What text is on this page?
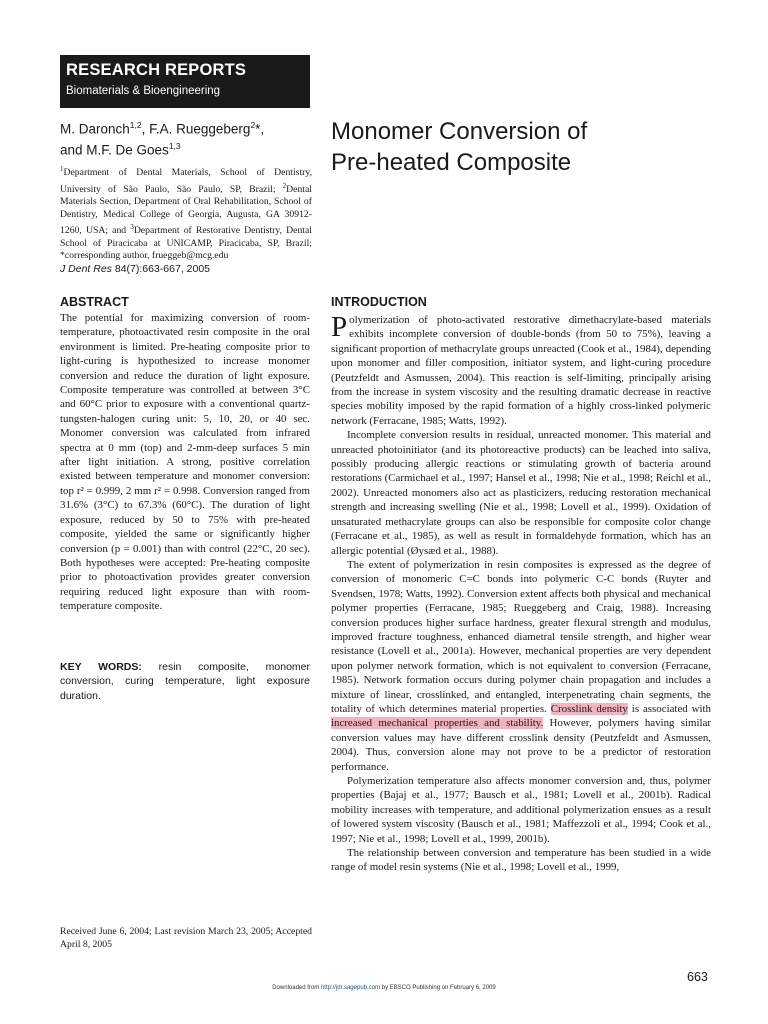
RESEARCH REPORTS
Biomaterials & Bioengineering
M. Daronch$^{1,2}$, F.A. Rueggeberg$^2$*,
and M.F. De Goes$^{1,3}$
$^1$Department of Dental Materials, School of Dentistry, University of São Paulo, São Paulo, SP, Brazil; $^2$Dental Materials Section, Department of Oral Rehabilitation, School of Dentistry, Medical College of Georgia, Augusta, GA 30912-1260, USA; and $^3$Department of Restorative Dentistry, Dental School of Piracicaba at UNICAMP, Piracicaba, SP, Brazil; *corresponding author, fruеggeb@mcg.edu
J Dent Res 84(7):663-667, 2005
Monomer Conversion of
Pre-heated Composite
ABSTRACT

The potential for maximizing conversion of room-temperature, photoactivated resin composite in the oral environment is limited. Pre-heating composite prior to light-curing is hypothesized to increase monomer conversion and reduce the duration of light exposure. Composite temperature was controlled at between 3°C and 60°C prior to exposure with a conventional quartz-tungsten-halogen curing unit: 5, 10, 20, or 40 sec. Monomer conversion was calculated from infrared spectra at 0 mm (top) and 2-mm-deep surfaces 5 min after light initiation. A strong, positive correlation existed between temperature and monomer conversion: top r² = 0.999, 2 mm r² = 0.998. Conversion ranged from 31.6% (3°C) to 67.3% (60°C). The duration of light exposure, reduced by 50 to 75% with pre-heated composite, yielded the same or significantly higher conversion (p = 0.001) than with control (22°C, 20 sec). Both hypotheses were accepted: Pre-heating composite prior to photoactivation provides greater conversion requiring reduced light exposure than with room-temperature composite.

KEY WORDS: resin composite, monomer conversion, curing temperature, light exposure duration.
Received June 6, 2004; Last revision March 23, 2005; Accepted April 8, 2005
INTRODUCTION

Polymerization of photo-activated restorative dimethacrylate-based materials exhibits incomplete conversion of double-bonds (from 50 to 75%), leaving a significant proportion of methacrylate groups unreacted (Cook et al., 1984), depending upon monomer and filler composition, initiator system, and light-curing procedure (Peutzfeldt and Asmussen, 2004). This reaction is self-limiting, principally arising from the increase in system viscosity and the resulting dramatic decrease in reactive species mobility imposed by the rapid formation of a highly cross-linked polymeric network (Ferracane, 1985; Watts, 1992).

Incomplete conversion results in residual, unreacted monomer. This material and unreacted photoinitiator (and its photoreactive products) can be leached into saliva, possibly producing allergic reactions or stimulating growth of bacteria around restorations (Carmichael et al., 1997; Hansel et al., 1998; Nie et al., 1998; Reichl et al., 2002). Unreacted monomers also act as plasticizers, reducing restoration mechanical strength and increasing swelling (Nie et al., 1998; Lovell et al., 1999). Oxidation of unsaturated methacrylate groups can also be responsible for composite color change (Ferracane et al., 1985), as well as result in formaldehyde formation, which has an allergic potential (Øysæd et al., 1988).

The extent of polymerization in resin composites is expressed as the degree of conversion of monomeric C=C bonds into polymeric C-C bonds (Ruyter and Svendsen, 1978; Watts, 1992). Conversion extent affects both physical and mechanical polymer properties (Ferracane, 1985; Rueggeberg and Craig, 1988). Increasing conversion produces higher surface hardness, greater flexural strength and modulus, improved fracture toughness, enhanced diametral tensile strength, and higher wear resistance (Lovell et al., 2001a). However, mechanical properties are very dependent upon polymer network formation, which is not equivalent to conversion (Ferracane, 1985). Network formation occurs during polymer chain propagation and includes a mixture of linear, crosslinked, and entangled, interpenetrating chain segments, the totality of which determines material properties. Crosslink density is associated with increased mechanical properties and stability. However, polymers having similar conversion values may have different crosslink density (Peutzfeldt and Asmussen, 2004). Thus, conversion alone may not prove to be a predictor of restoration performance.

Polymerization temperature also affects monomer conversion and, thus, polymer properties (Bajaj et al., 1977; Bausch et al., 1981; Lovell et al., 2001b). Radical mobility increases with temperature, and additional polymerization ensues as a result of lowered system viscosity (Bausch et al., 1981; Maffezzoli et al., 1994; Cook et al., 1997; Nie et al., 1998; Lovell et al., 1999, 2001b).

The relationship between conversion and temperature has been studied in a wide range of model resin systems (Nie et al., 1998; Lovell et al., 1999,

663
Downloaded from http://jdr.sagepub.com by EBSCO Publishing on February 6, 2009
